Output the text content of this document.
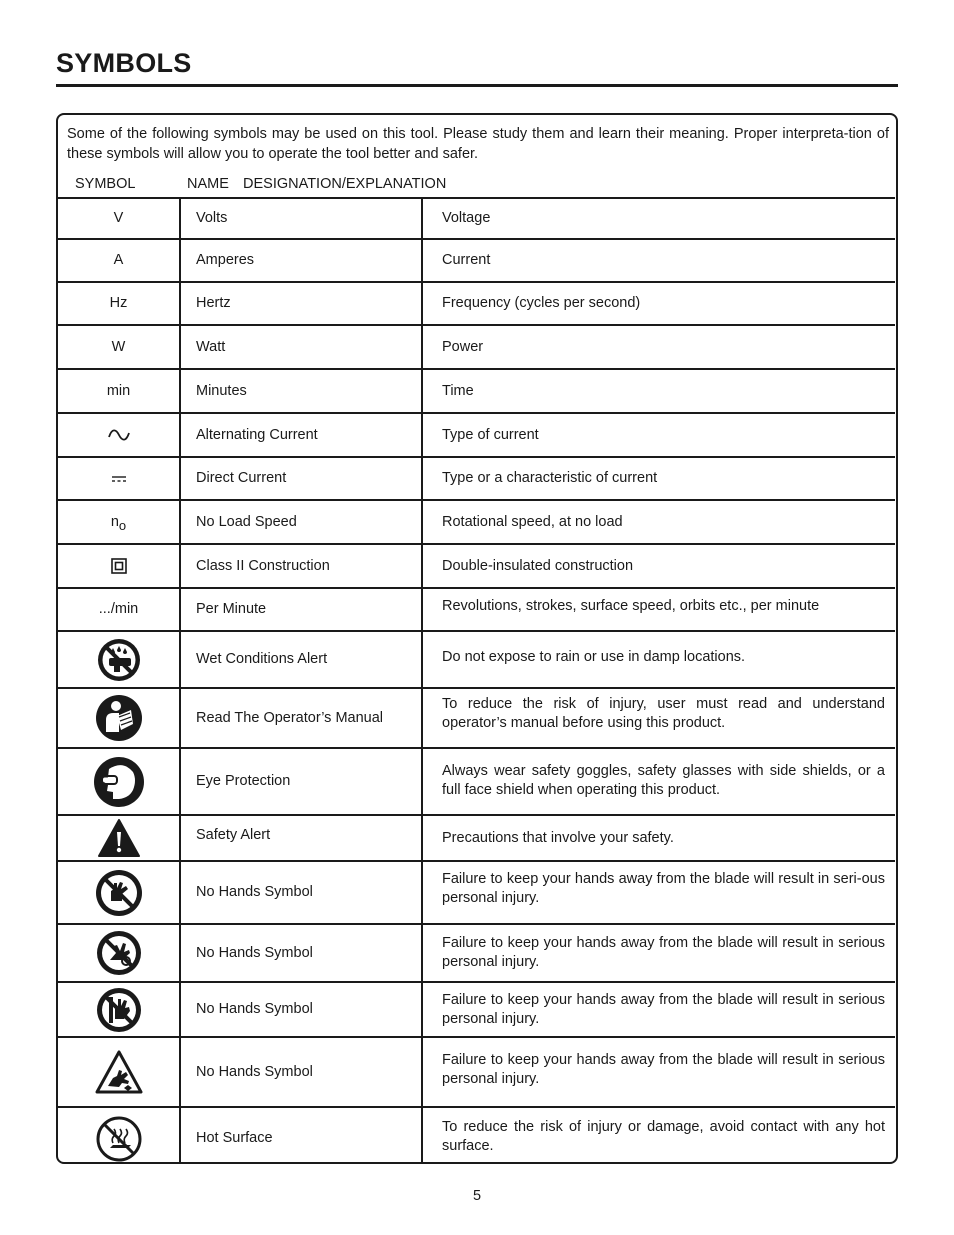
SYMBOLS
Some of the following symbols may be used on this tool. Please study them and learn their meaning. Proper interpreta-tion of these symbols will allow you to operate the tool better and safer.
SYMBOL	NAME DESIGNATION/EXPLANATION
V	Volts	Voltage
A	Amperes	Current
Hz	Hertz	Frequency (cycles per second)
W	Watt	Power
min	Minutes	Time

	Alternating Current	Type of current

	Direct Current	Type or a characteristic of current
no	No Load Speed	Rotational speed, at no load

	Class II Construction	Double-insulated construction
.../min	Per Minute	Revolutions, strokes, surface speed, orbits etc., per minute

	Wet Conditions Alert	Do not expose to rain or use in damp locations.

	Read The Operator’s Manual	To reduce the risk of injury, user must read and understand operator’s manual before using this product.

	Eye Protection	Always wear safety goggles, safety glasses with side shields, or a full face shield when operating this product.

	Safety Alert	Precautions that involve your safety.

	No Hands Symbol	Failure to keep your hands away from the blade will result in seri-ous personal injury.

	No Hands Symbol	Failure to keep your hands away from the blade will result in serious personal injury.

	No Hands Symbol	Failure to keep your hands away from the blade will result in serious personal injury.

	No Hands Symbol	Failure to keep your hands away from the blade will result in serious personal injury.

	Hot Surface	To reduce the risk of injury or damage, avoid contact with any hot surface.
5
